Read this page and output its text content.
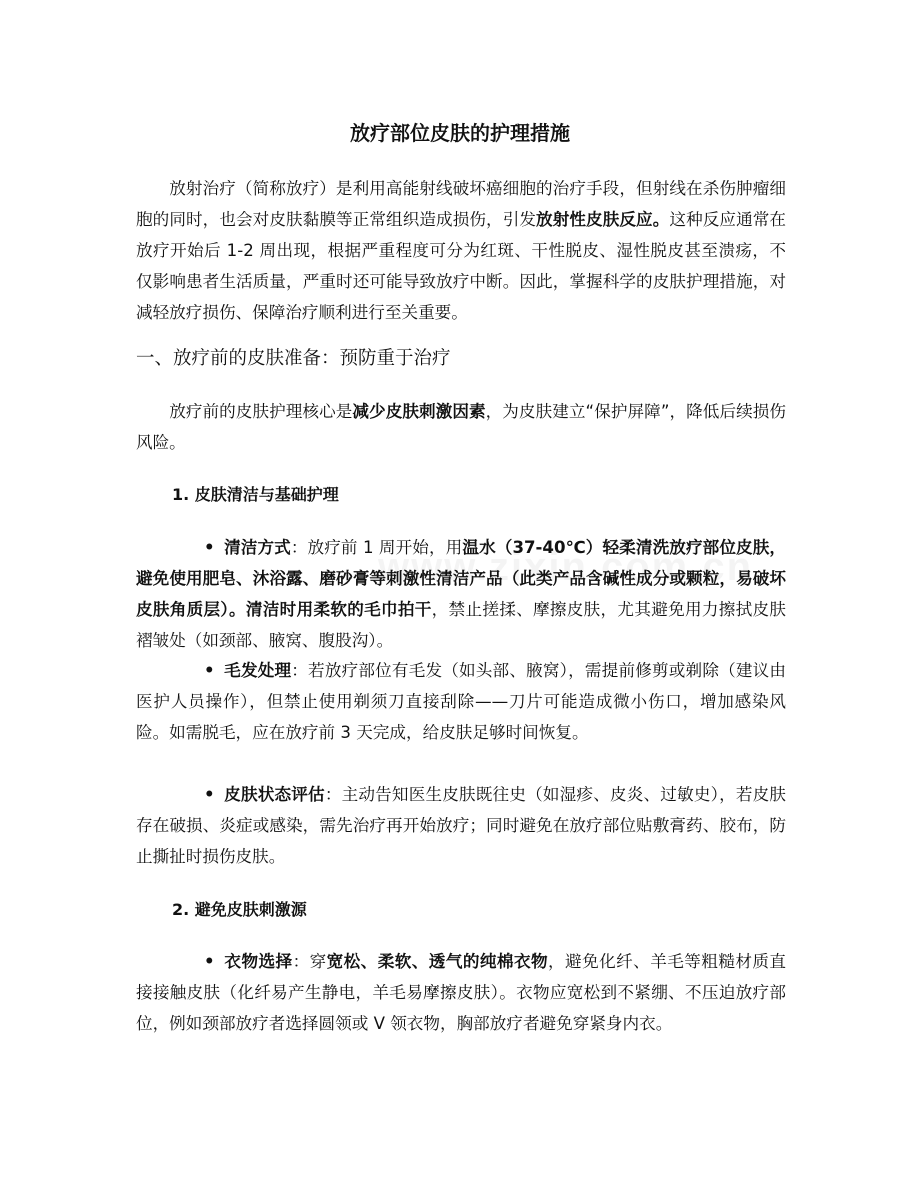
放疗部位皮肤的护理措施

放射治疗（简称放疗）是利用高能射线破坏癌细胞的治疗手段，但射线在杀伤肿瘤细胞的同时，也会对皮肤黏膜等正常组织造成损伤，引发放射性皮肤反应。这种反应通常在放疗开始后 1-2 周出现，根据严重程度可分为红斑、干性脱皮、湿性脱皮甚至溃疡，不仅影响患者生活质量，严重时还可能导致放疗中断。因此，掌握科学的皮肤护理措施，对减轻放疗损伤、保障治疗顺利进行至关重要。

一、放疗前的皮肤准备：预防重于治疗

放疗前的皮肤护理核心是减少皮肤刺激因素，为皮肤建立“保护屏障”，降低后续损伤风险。

1. 皮肤清洁与基础护理

• 清洁方式：放疗前 1 周开始，用温水（37-40℃）轻柔清洗放疗部位皮肤，避免使用肥皂、沐浴露、磨砂膏等刺激性清洁产品（此类产品含碱性成分或颗粒，易破坏皮肤角质层）。清洁时用柔软的毛巾拍干，禁止搓揉、摩擦皮肤，尤其避免用力擦拭皮肤褶皱处（如颈部、腋窝、腹股沟）。

• 毛发处理：若放疗部位有毛发（如头部、腋窝），需提前修剪或剃除（建议由医护人员操作），但禁止使用剃须刀直接刮除——刀片可能造成微小伤口，增加感染风险。如需脱毛，应在放疗前 3 天完成，给皮肤足够时间恢复。

• 皮肤状态评估：主动告知医生皮肤既往史（如湿疹、皮炎、过敏史），若皮肤存在破损、炎症或感染，需先治疗再开始放疗；同时避免在放疗部位贴敷膏药、胶布，防止撕扯时损伤皮肤。

2. 避免皮肤刺激源

• 衣物选择：穿宽松、柔软、透气的纯棉衣物，避免化纤、羊毛等粗糙材质直接接触皮肤（化纤易产生静电，羊毛易摩擦皮肤）。衣物应宽松到不紧绷、不压迫放疗部位，例如颈部放疗者选择圆领或 V 领衣物，胸部放疗者避免穿紧身内衣。
